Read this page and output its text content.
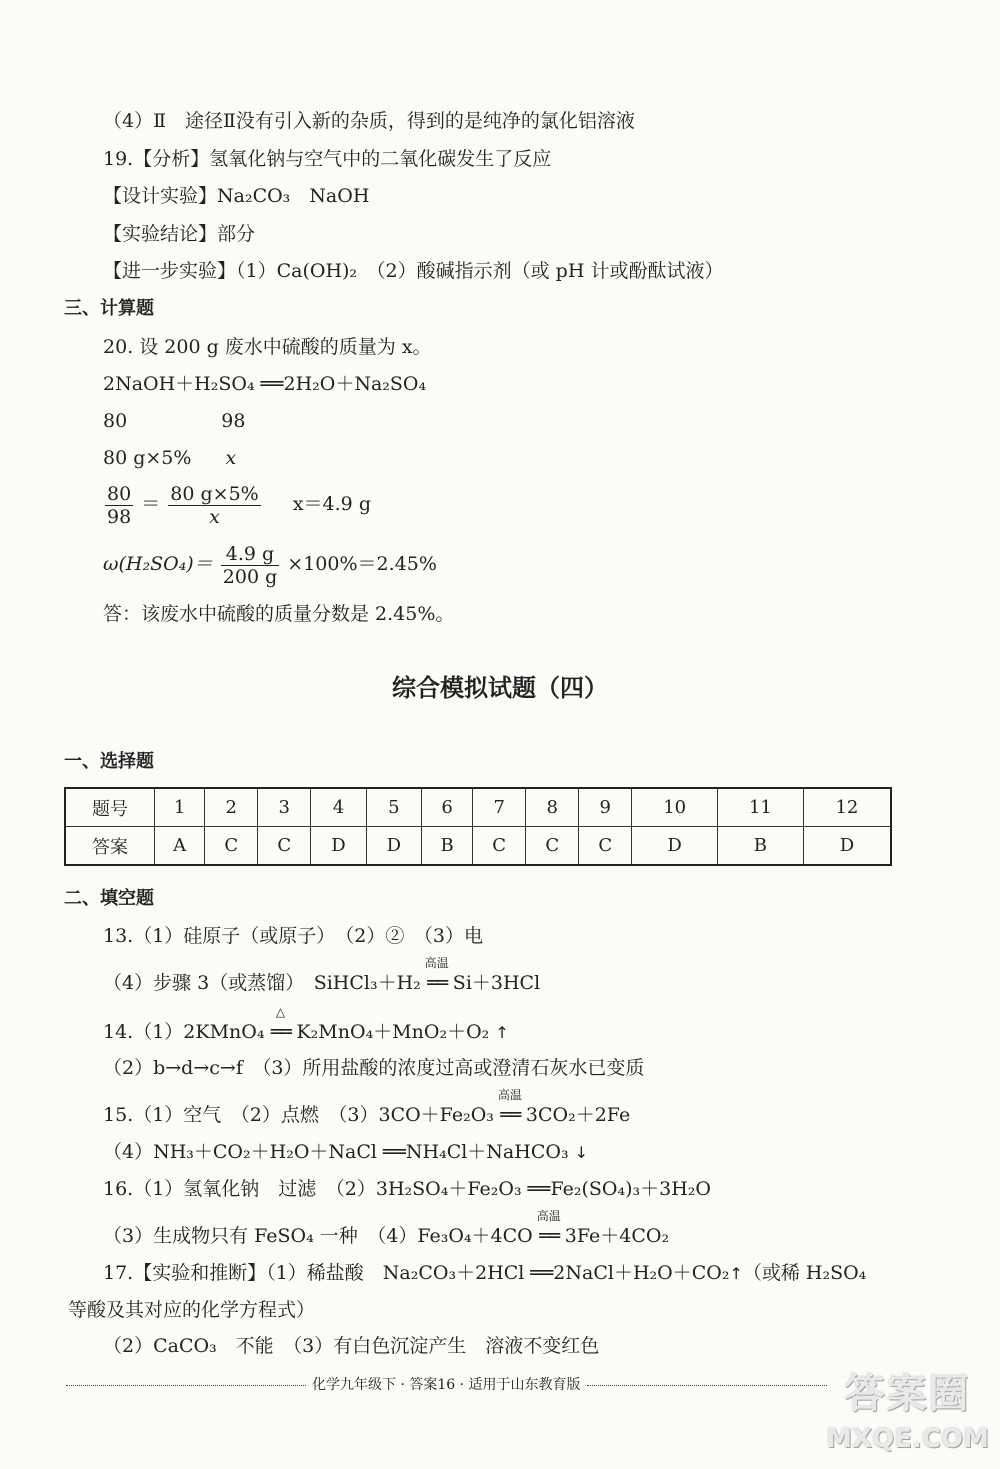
（4）Ⅱ　途径Ⅱ没有引入新的杂质，得到的是纯净的氯化铝溶液
19.【分析】氢氧化钠与空气中的二氧化碳发生了反应
【设计实验】Na₂CO₃　NaOH
【实验结论】部分
【进一步实验】（1）Ca(OH)₂　（2）酸碱指示剂（或 pH 计或酚酞试液）
三、计算题
20. 设 200 g 废水中硫酸的质量为 x。
2NaOH＋H₂SO₄ ══2H₂O＋Na₂SO₄
80	98
80 g×5% x
$\frac{80}{98} = \frac{80 g\times 5\%}{x} x=4.9$ g
$\omega(H_2SO_4)= \frac{4.9 g}{200 g} \times 100\%=2.45\%$
答：该废水中硫酸的质量分数是 2.45%。
综合模拟试题（四）
一、选择题
题号	1	2	3	4	5	6	7	8	9	10	11	12
答案	A	C	C	D	D	B	C	C	C	D	B	D
二、填空题
13.（1）硅原子（或原子）　（2）②　（3）电
（4）步骤 3（或蒸馏）　SiHCl₃＋H₂
高温
══ Si＋3HCl
14.（1）2KMnO₄
△
══ K₂MnO₄＋MnO₂＋O₂ ↑
（2）b→d→c→f　（3）所用盐酸的浓度过高或澄清石灰水已变质
15.（1）空气　（2）点燃　（3）3CO＋Fe₂O₃
高温
══ 3CO₂＋2Fe
（4）NH₃＋CO₂＋H₂O＋NaCl ══NH₄Cl＋NaHCO₃ ↓
16.（1）氢氧化钠　过滤　（2）3H₂SO₄＋Fe₂O₃ ══Fe₂(SO₄)₃＋3H₂O
（3）生成物只有 FeSO₄ 一种　（4）Fe₃O₄＋4CO
高温
══ 3Fe＋4CO₂
17.【实验和推断】（1）稀盐酸　Na₂CO₃＋2HCl ══2NaCl＋H₂O＋CO₂↑（或稀 H₂SO₄
等酸及其对应的化学方程式）
（2）CaCO₃　不能　（3）有白色沉淀产生　溶液不变红色
化学九年级下 · 答案16 · 适用于山东教育版	答案圈
MXQE.COM
